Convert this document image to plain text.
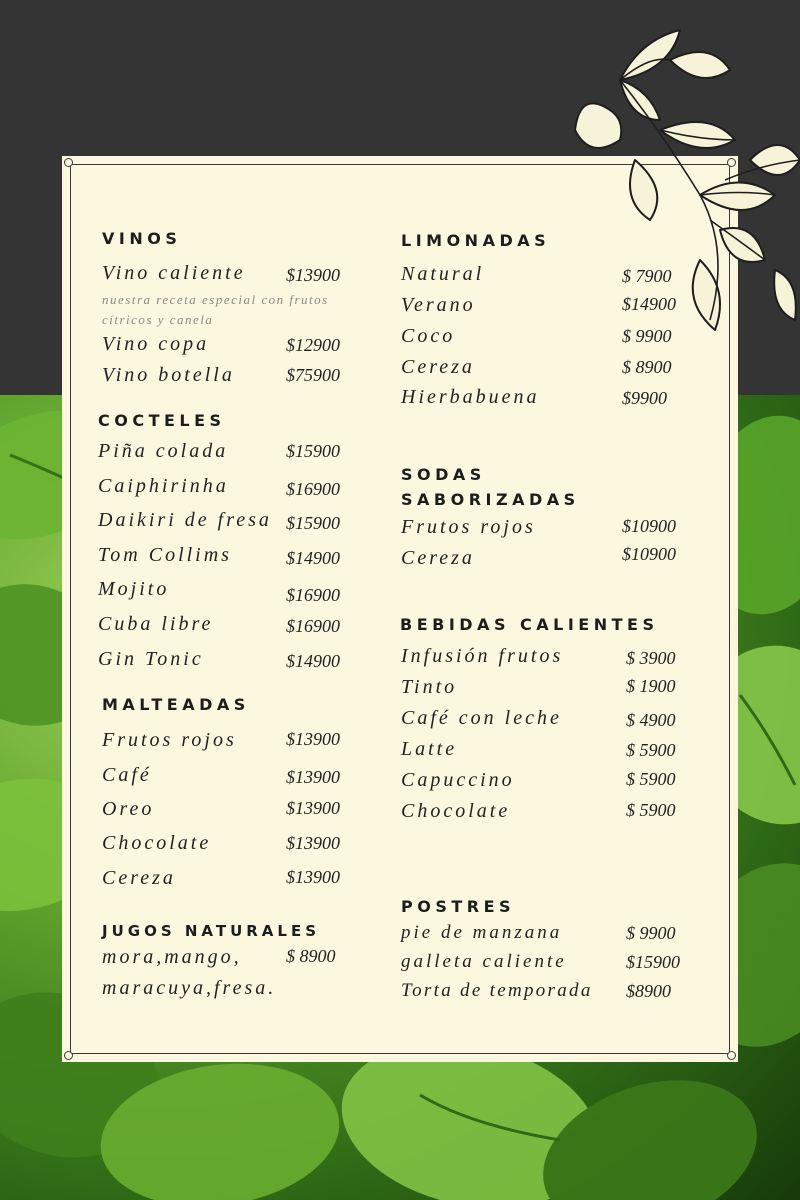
VINOS
Vino caliente $13900
nuestra receta especial con frutos cítricos y canela
Vino copa	$12900
Vino botella	$75900
COCTELES
Piña colada	$15900
Caiphirinha	$16900
Daikiri de fresa $15900
Tom Collims	$14900
Mojito	$16900
Cuba libre	$16900
Gin Tonic	$14900
MALTEADAS
Frutos rojos	$13900
Café	$13900
Oreo	$13900
Chocolate	$13900
Cereza	$13900
JUGOS NATURALES
mora,mango, $ 8900
maracuya,fresa.
LIMONADAS
Natural	$ 7900
Verano	$14900
Coco	$ 9900
Cereza	$ 8900
Hierbabuena	$9900
SODAS
SABORIZADAS
Frutos rojos	$10900
Cereza	$10900
BEBIDAS CALIENTES
Infusión frutos	$ 3900
Tinto	$ 1900
Café con leche	$ 4900
Latte	$ 5900
Capuccino	$ 5900
Chocolate	$ 5900
POSTRES
pie de manzana	$ 9900
galleta caliente	$15900
Torta de temporada $8900
